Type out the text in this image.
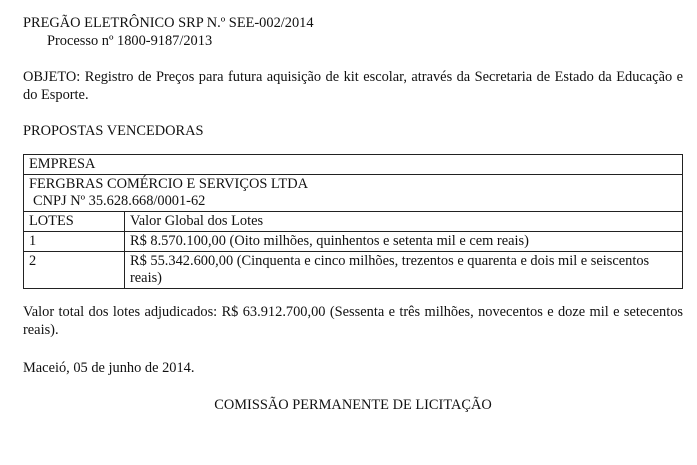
PREGÃO ELETRÔNICO SRP N.º SEE-002/2014

Processo nº 1800-9187/2013

OBJETO: Registro de Preços para futura aquisição de kit escolar, através da Secretaria de Estado da Educação e do Esporte.

PROPOSTAS VENCEDORAS

EMPRESA	

FERGBRAS COMÉRCIO E SERVIÇOS LTDA
CNPJ Nº 35.628.668/0001-62	

LOTES	Valor Global dos Lotes
1	R$ 8.570.100,00 (Oito milhões, quinhentos e setenta mil e cem reais)
2	R$ 55.342.600,00 (Cinquenta e cinco milhões, trezentos e quarenta e dois mil e seiscentos reais)

Valor total dos lotes adjudicados: R$ 63.912.700,00 (Sessenta e três milhões, novecentos e doze mil e setecentos reais).

Maceió, 05 de junho de 2014.

COMISSÃO PERMANENTE DE LICITAÇÃO
